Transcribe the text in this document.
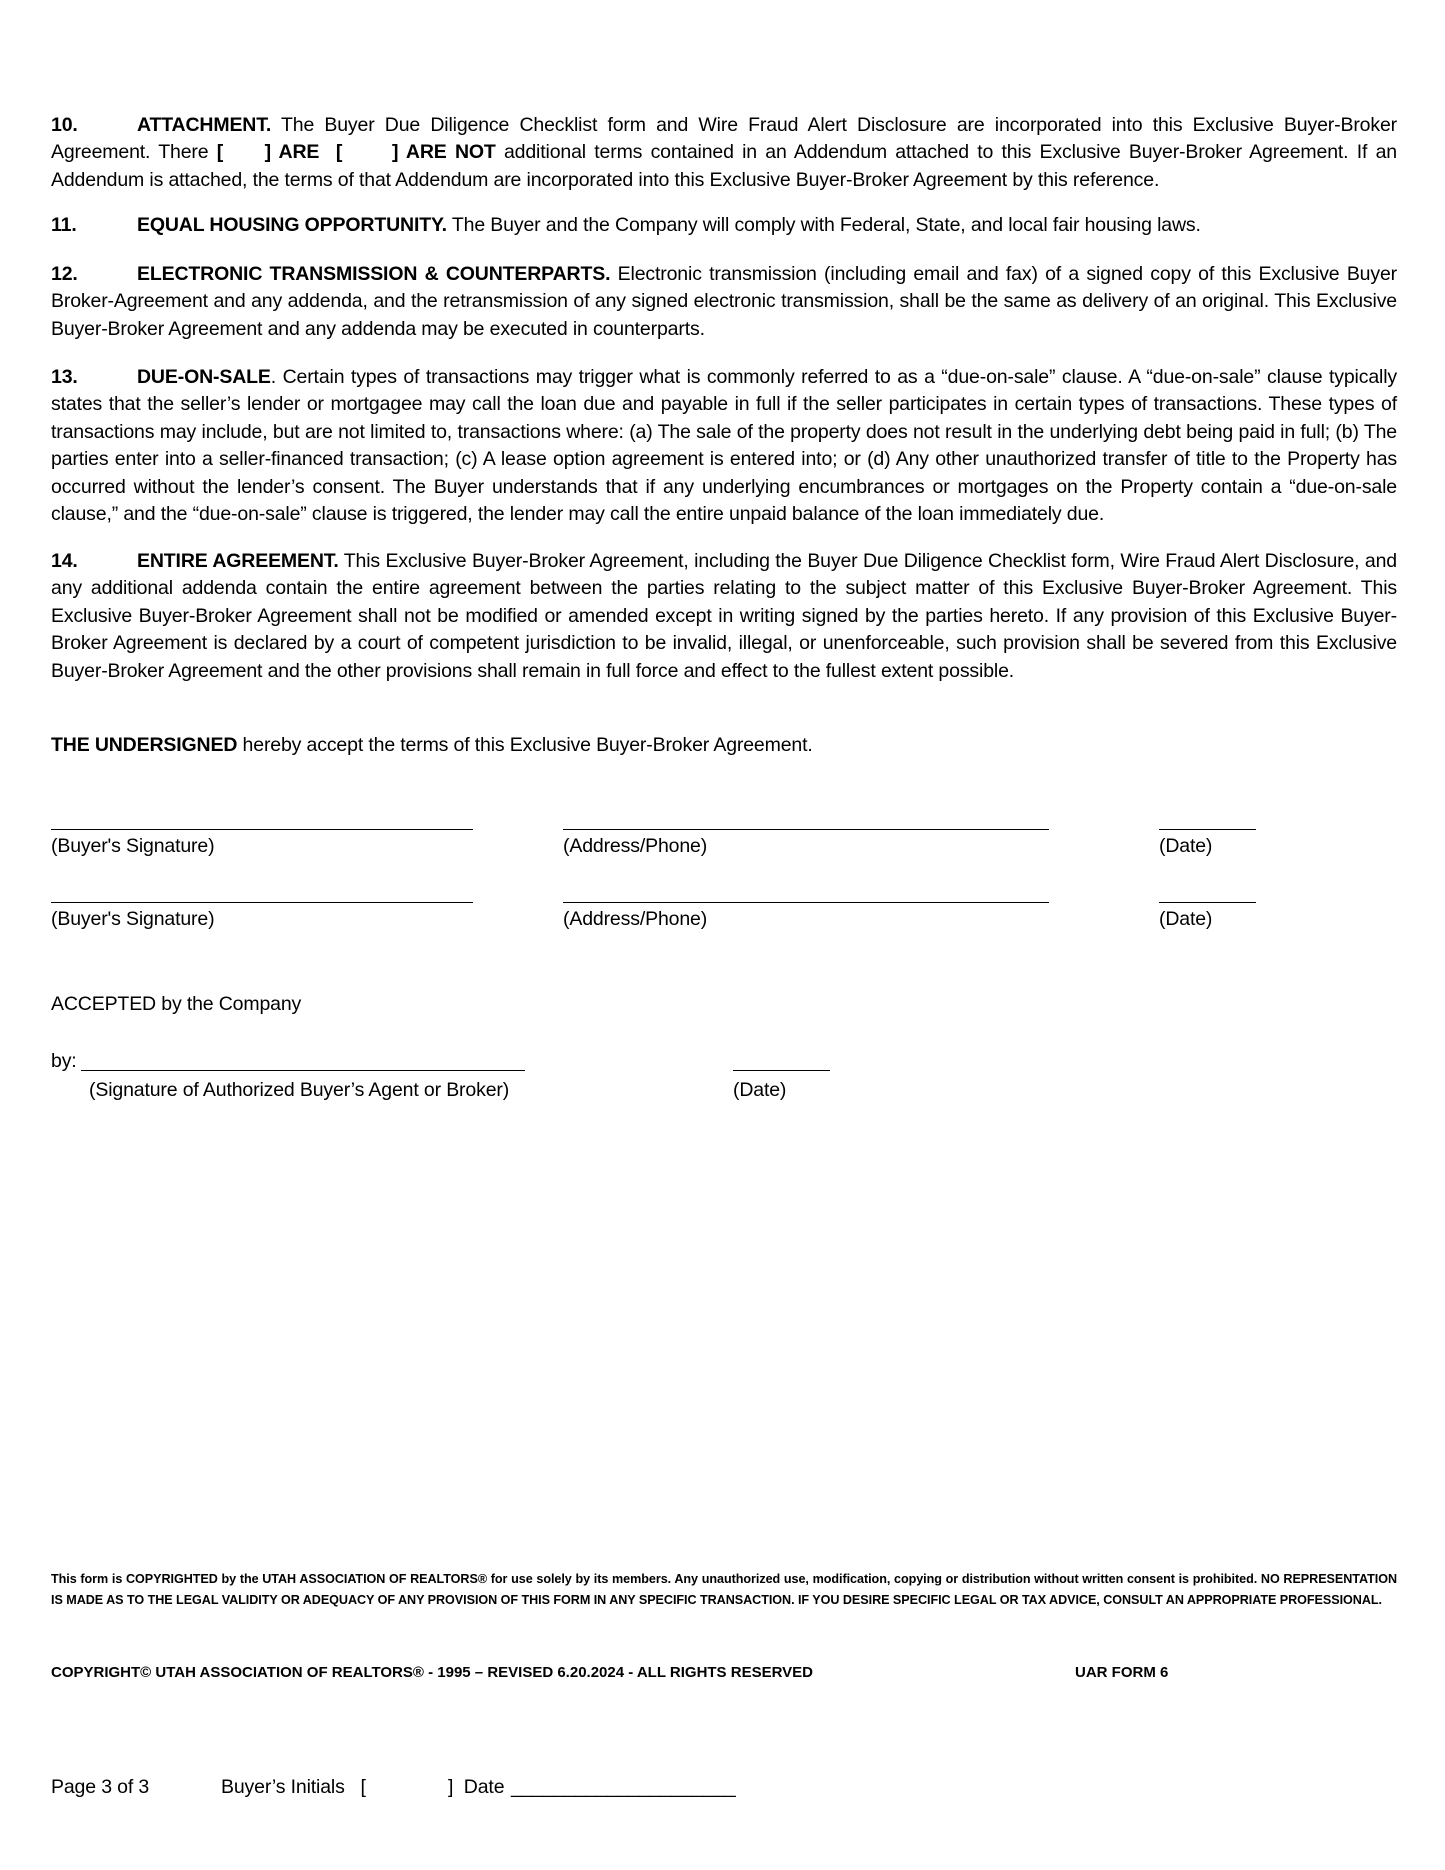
10.	ATTACHMENT. The Buyer Due Diligence Checklist form and Wire Fraud Alert Disclosure are incorporated into this Exclusive Buyer-Broker Agreement. There [     ] ARE  [      ] ARE NOT additional terms contained in an Addendum attached to this Exclusive Buyer-Broker Agreement. If an Addendum is attached, the terms of that Addendum are incorporated into this Exclusive Buyer-Broker Agreement by this reference.

11.	EQUAL HOUSING OPPORTUNITY. The Buyer and the Company will comply with Federal, State, and local fair housing laws.

12.	ELECTRONIC TRANSMISSION & COUNTERPARTS. Electronic transmission (including email and fax) of a signed copy of this Exclusive Buyer Broker-Agreement and any addenda, and the retransmission of any signed electronic transmission, shall be the same as delivery of an original. This Exclusive Buyer-Broker Agreement and any addenda may be executed in counterparts.

13.	DUE-ON-SALE. Certain types of transactions may trigger what is commonly referred to as a “due-on-sale” clause. A “due-on-sale” clause typically states that the seller’s lender or mortgagee may call the loan due and payable in full if the seller participates in certain types of transactions. These types of transactions may include, but are not limited to, transactions where: (a) The sale of the property does not result in the underlying debt being paid in full; (b) The parties enter into a seller-financed transaction; (c) A lease option agreement is entered into; or (d) Any other unauthorized transfer of title to the Property has occurred without the lender’s consent. The Buyer understands that if any underlying encumbrances or mortgages on the Property contain a “due-on-sale clause,” and the “due-on-sale” clause is triggered, the lender may call the entire unpaid balance of the loan immediately due.

14.	ENTIRE AGREEMENT. This Exclusive Buyer-Broker Agreement, including the Buyer Due Diligence Checklist form, Wire Fraud Alert Disclosure, and any additional addenda contain the entire agreement between the parties relating to the subject matter of this Exclusive Buyer-Broker Agreement. This Exclusive Buyer-Broker Agreement shall not be modified or amended except in writing signed by the parties hereto. If any provision of this Exclusive Buyer-Broker Agreement is declared by a court of competent jurisdiction to be invalid, illegal, or unenforceable, such provision shall be severed from this Exclusive Buyer-Broker Agreement and the other provisions shall remain in full force and effect to the fullest extent possible.

THE UNDERSIGNED hereby accept the terms of this Exclusive Buyer-Broker Agreement.

(Buyer's Signature)	(Address/Phone)	(Date)
(Buyer's Signature)	(Address/Phone)	(Date)
ACCEPTED by the Company
by:
(Signature of Authorized Buyer’s Agent or Broker)	(Date)

This form is COPYRIGHTED by the UTAH ASSOCIATION OF REALTORS® for use solely by its members. Any unauthorized use, modification, copying or distribution without written consent is prohibited. NO REPRESENTATION IS MADE AS TO THE LEGAL VALIDITY OR ADEQUACY OF ANY PROVISION OF THIS FORM IN ANY SPECIFIC TRANSACTION. IF YOU DESIRE SPECIFIC LEGAL OR TAX ADVICE, CONSULT AN APPROPRIATE PROFESSIONAL.

COPYRIGHT© UTAH ASSOCIATION OF REALTORS® - 1995 – REVISED 6.20.2024 - ALL RIGHTS RESERVED	UAR FORM 6
Page 3 of 3	Buyer’s Initials   [	]  Date _____________________
